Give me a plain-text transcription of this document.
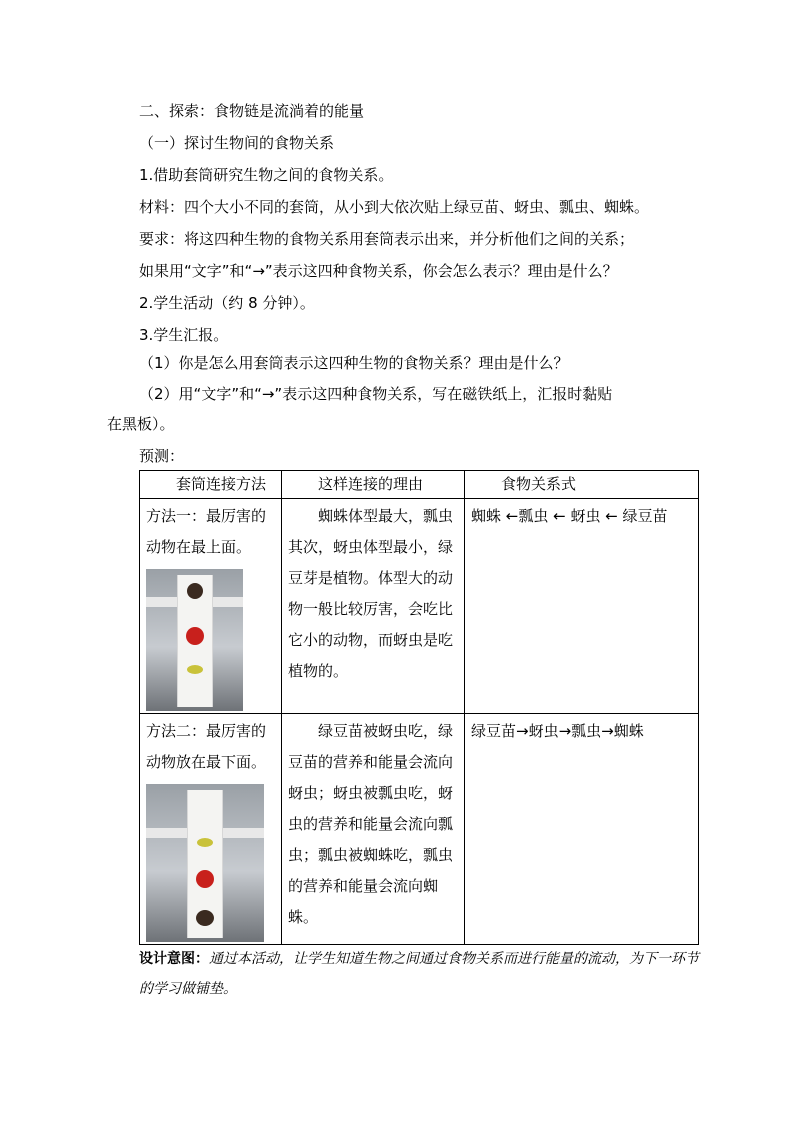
二、探索：食物链是流淌着的能量
（一）探讨生物间的食物关系
1.借助套筒研究生物之间的食物关系。
材料：四个大小不同的套筒，从小到大依次贴上绿豆苗、蚜虫、瓢虫、蜘蛛。
要求：将这四种生物的食物关系用套筒表示出来，并分析他们之间的关系；
如果用“文字”和“→”表示这四种食物关系，你会怎么表示？理由是什么？
2.学生活动（约 8 分钟）。
3.学生汇报。
（1）你是怎么用套筒表示这四种生物的食物关系？理由是什么？
（2）用“文字”和“→”表示这四种食物关系，写在磁铁纸上，汇报时黏贴
在黑板）。
预测：
套筒连接方法	这样连接的理由	食物关系式

方法一：最厉害的动物在最上面。	蜘蛛体型最大，瓢虫其次，蚜虫体型最小，绿豆芽是植物。体型大的动物一般比较厉害，会吃比它小的动物，而蚜虫是吃植物的。	蜘蛛 ←瓢虫 ← 蚜虫 ← 绿豆苗

方法二：最厉害的动物放在最下面。	绿豆苗被蚜虫吃，绿豆苗的营养和能量会流向蚜虫；蚜虫被瓢虫吃，蚜虫的营养和能量会流向瓢虫；瓢虫被蜘蛛吃，瓢虫的营养和能量会流向蜘蛛。	绿豆苗→蚜虫→瓢虫→蜘蛛
设计意图：通过本活动，让学生知道生物之间通过食物关系而进行能量的流动，为下一环节的学习做铺垫。
